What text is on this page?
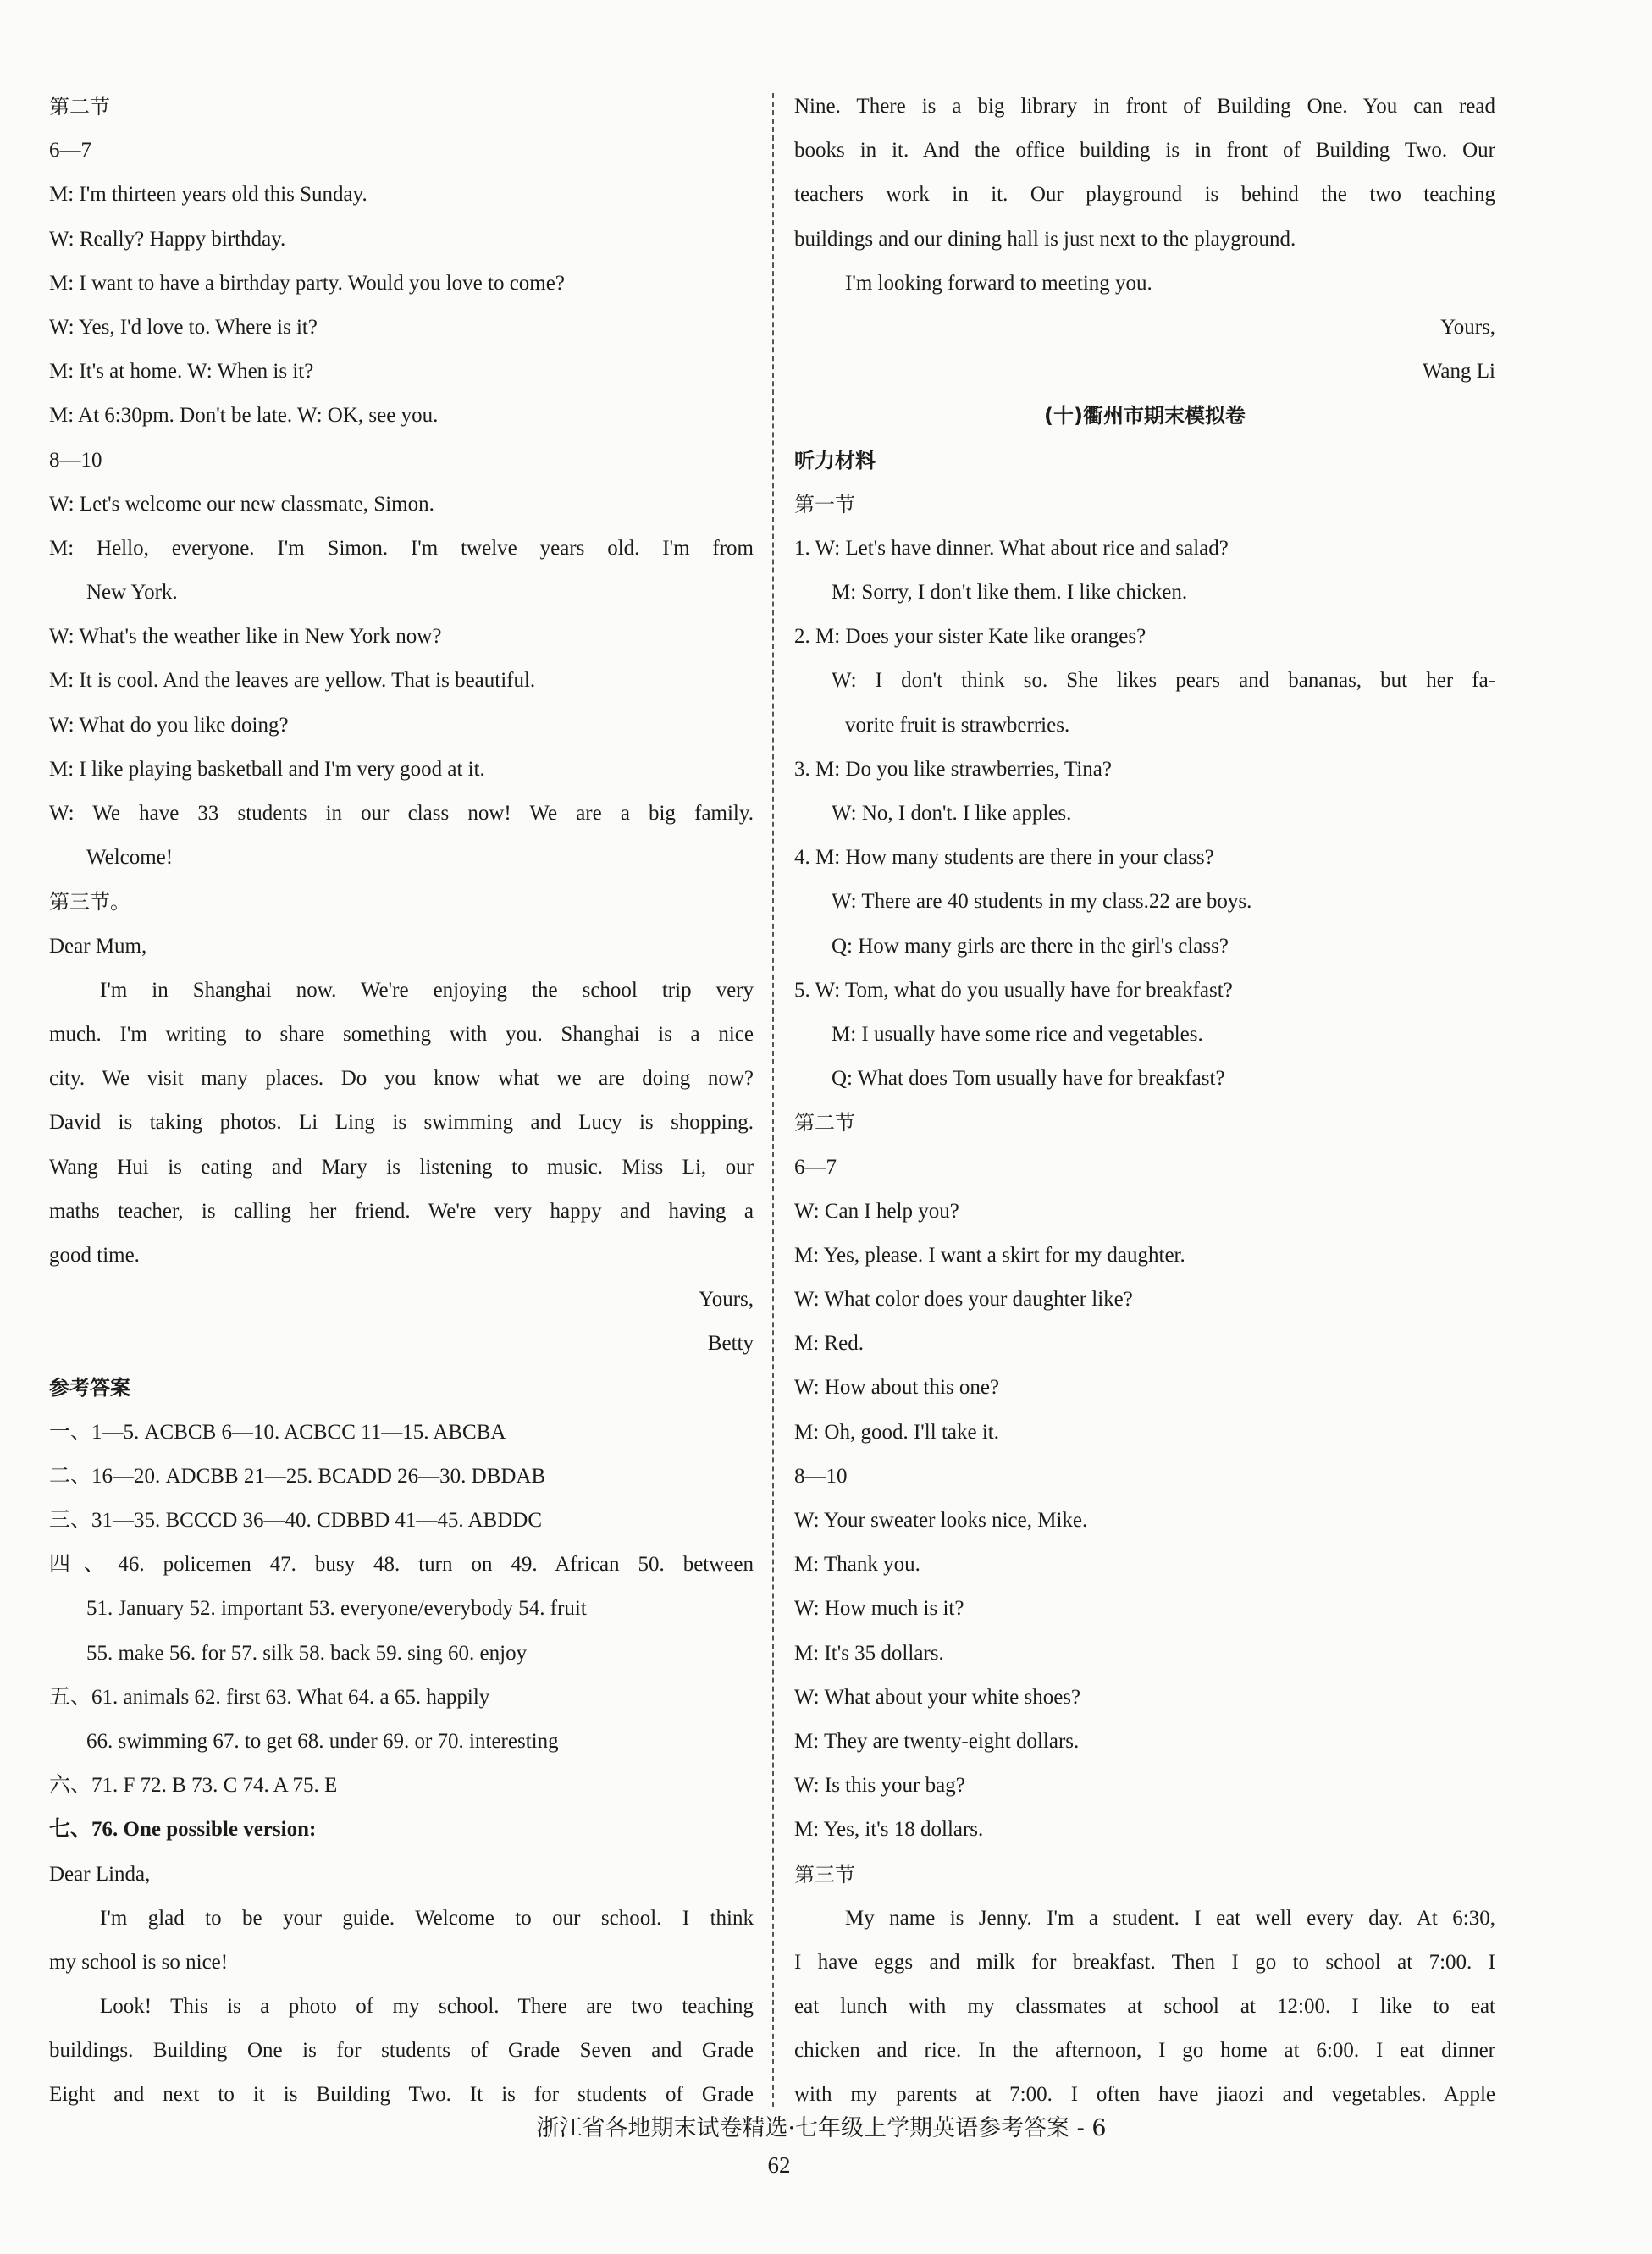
第二节
6—7
M: I'm thirteen years old this Sunday.
W: Really? Happy birthday.
M: I want to have a birthday party. Would you love to come?
W: Yes, I'd love to. Where is it?
M: It's at home. W: When is it?
M: At 6:30pm. Don't be late. W: OK, see you.
8—10
W: Let's welcome our new classmate, Simon.
M: Hello, everyone. I'm Simon. I'm twelve years old. I'm from
New York.
W: What's the weather like in New York now?
M: It is cool. And the leaves are yellow. That is beautiful.
W: What do you like doing?
M: I like playing basketball and I'm very good at it.
W: We have 33 students in our class now! We are a big family.
Welcome!
第三节。
Dear Mum,
I'm in Shanghai now. We're enjoying the school trip very
much. I'm writing to share something with you. Shanghai is a nice
city. We visit many places. Do you know what we are doing now?
David is taking photos. Li Ling is swimming and Lucy is shopping.
Wang Hui is eating and Mary is listening to music. Miss Li, our
maths teacher, is calling her friend. We're very happy and having a
good time.
Yours,
Betty
参考答案
一、1—5. ACBCB 6—10. ACBCC 11—15. ABCBA
二、16—20. ADCBB 21—25. BCADD 26—30. DBDAB
三、31—35. BCCCD 36—40. CDBBD 41—45. ABDDC
四、46. policemen 47. busy 48. turn on 49. African 50. between
51. January 52. important 53. everyone/everybody 54. fruit
55. make 56. for 57. silk 58. back 59. sing 60. enjoy
五、61. animals 62. first 63. What 64. a 65. happily
66. swimming 67. to get 68. under 69. or 70. interesting
六、71. F 72. B 73. C 74. A 75. E
七、76. One possible version:
Dear Linda,
I'm glad to be your guide. Welcome to our school. I think
my school is so nice!
Look! This is a photo of my school. There are two teaching
buildings. Building One is for students of Grade Seven and Grade
Eight and next to it is Building Two. It is for students of Grade
Nine. There is a big library in front of Building One. You can read
books in it. And the office building is in front of Building Two. Our
teachers work in it. Our playground is behind the two teaching
buildings and our dining hall is just next to the playground.
I'm looking forward to meeting you.
Yours,
Wang Li
(十)衢州市期末模拟卷
听力材料
第一节
1. W: Let's have dinner. What about rice and salad?
M: Sorry, I don't like them. I like chicken.
2. M: Does your sister Kate like oranges?
W: I don't think so. She likes pears and bananas, but her fa-
vorite fruit is strawberries.
3. M: Do you like strawberries, Tina?
W: No, I don't. I like apples.
4. M: How many students are there in your class?
W: There are 40 students in my class.22 are boys.
Q: How many girls are there in the girl's class?
5. W: Tom, what do you usually have for breakfast?
M: I usually have some rice and vegetables.
Q: What does Tom usually have for breakfast?
第二节
6—7
W: Can I help you?
M: Yes, please. I want a skirt for my daughter.
W: What color does your daughter like?
M: Red.
W: How about this one?
M: Oh, good. I'll take it.
8—10
W: Your sweater looks nice, Mike.
M: Thank you.
W: How much is it?
M: It's 35 dollars.
W: What about your white shoes?
M: They are twenty-eight dollars.
W: Is this your bag?
M: Yes, it's 18 dollars.
第三节
My name is Jenny. I'm a student. I eat well every day. At 6:30,
I have eggs and milk for breakfast. Then I go to school at 7:00. I
eat lunch with my classmates at school at 12:00. I like to eat
chicken and rice. In the afternoon, I go home at 6:00. I eat dinner
with my parents at 7:00. I often have jiaozi and vegetables. Apple
浙江省各地期末试卷精选·七年级上学期英语参考答案 - 6
62
